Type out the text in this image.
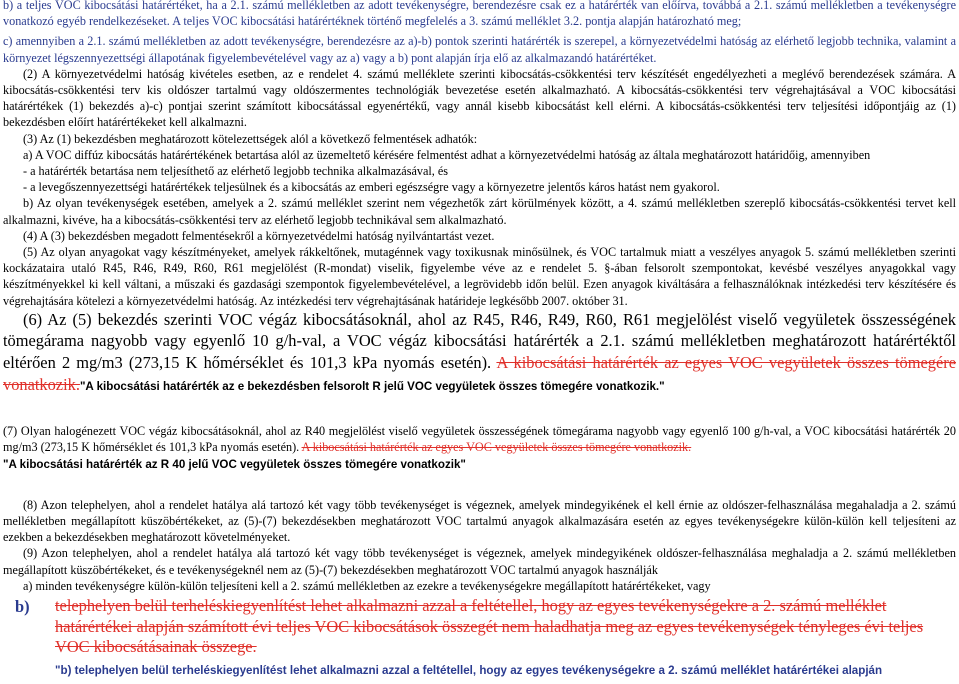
b) a teljes VOC kibocsátási határértéket, ha a 2.1. számú mellékletben az adott tevékenységre, berendezésre csak ez a határérték van előírva, továbbá a 2.1. számú mellékletben a tevékenységre vonatkozó egyéb rendelkezéseket. A teljes VOC kibocsátási határértéknek történő megfelelés a 3. számú melléklet 3.2. pontja alapján határozható meg;

c) amennyiben a 2.1. számú mellékletben az adott tevékenységre, berendezésre az a)-b) pontok szerinti határérték is szerepel, a környezetvédelmi hatóság az elérhető legjobb technika, valamint a környezet légszennyezettségi állapotának figyelembevételével vagy az a) vagy a b) pont alapján írja elő az alkalmazandó határértéket.

(2) A környezetvédelmi hatóság kivételes esetben, az e rendelet 4. számú melléklete szerinti kibocsátás-csökkentési terv készítését engedélyezheti a meglévő berendezések számára. A kibocsátás-csökkentési terv kis oldószer tartalmú vagy oldószermentes technológiák bevezetése esetén alkalmazható. A kibocsátás-csökkentési terv végrehajtásával a VOC kibocsátási határértékek (1) bekezdés a)-c) pontjai szerint számított kibocsátással egyenértékű, vagy annál kisebb kibocsátást kell elérni. A kibocsátás-csökkentési terv teljesítési időpontjáig az (1) bekezdésben előírt határértékeket kell alkalmazni.

(3) Az (1) bekezdésben meghatározott kötelezettségek alól a következő felmentések adhatók:

a) A VOC diffúz kibocsátás határértékének betartása alól az üzemeltető kérésére felmentést adhat a környezetvédelmi hatóság az általa meghatározott határidőig, amennyiben

- a határérték betartása nem teljesíthető az elérhető legjobb technika alkalmazásával, és

- a levegőszennyezettségi határértékek teljesülnek és a kibocsátás az emberi egészségre vagy a környezetre jelentős káros hatást nem gyakorol.

b) Az olyan tevékenységek esetében, amelyek a 2. számú melléklet szerint nem végezhetők zárt körülmények között, a 4. számú mellékletben szereplő kibocsátás-csökkentési tervet kell alkalmazni, kivéve, ha a kibocsátás-csökkentési terv az elérhető legjobb technikával sem alkalmazható.

(4) A (3) bekezdésben megadott felmentésekről a környezetvédelmi hatóság nyilvántartást vezet.

(5) Az olyan anyagokat vagy készítményeket, amelyek rákkeltőnek, mutagénnek vagy toxikusnak minősülnek, és VOC tartalmuk miatt a veszélyes anyagok 5. számú mellékletben szerinti kockázataira utaló R45, R46, R49, R60, R61 megjelölést (R-mondat) viselik, figyelembe véve az e rendelet 5. §-ában felsorolt szempontokat, kevésbé veszélyes anyagokkal vagy készítményekkel ki kell váltani, a műszaki és gazdasági szempontok figyelembevételével, a legrövidebb időn belül. Ezen anyagok kiváltására a felhasználóknak intézkedési terv készítésére és végrehajtására kötelezi a környezetvédelmi hatóság. Az intézkedési terv végrehajtásának határideje legkésőbb 2007. október 31.

(6) Az (5) bekezdés szerinti VOC végáz kibocsátásoknál, ahol az R45, R46, R49, R60, R61 megjelölést viselő vegyületek összességének tömegárama nagyobb vagy egyenlő 10 g/h-val, a VOC végáz kibocsátási határérték a 2.1. számú mellékletben meghatározott határértéktől eltérően 2 mg/m3 (273,15 K hőmérséklet és 101,3 kPa nyomás esetén). A kibocsátási határérték az egyes VOC vegyületek összes tömegére vonatkozik."A kibocsátási határérték az e bekezdésben felsorolt R jelű VOC vegyületek összes tömegére vonatkozik."

(7) Olyan halogénezett VOC végáz kibocsátásoknál, ahol az R40 megjelölést viselő vegyületek összességének tömegárama nagyobb vagy egyenlő 100 g/h-val, a VOC kibocsátási határérték 20 mg/m3 (273,15 K hőmérséklet és 101,3 kPa nyomás esetén). A kibocsátási határérték az egyes VOC vegyületek összes tömegére vonatkozik.
"A kibocsátási határérték az R 40 jelű VOC vegyületek összes tömegére vonatkozik"

(8) Azon telephelyen, ahol a rendelet hatálya alá tartozó két vagy több tevékenységet is végeznek, amelyek mindegyikének el kell érnie az oldószer-felhasználása megahaladja a 2. számú mellékletben megállapított küszöbértékeket, az (5)-(7) bekezdésekben meghatározott VOC tartalmú anyagok alkalmazására esetén az egyes tevékenységekre külön-külön kell teljesíteni az ezekben a bekezdésekben meghatározott követelményeket.

(9) Azon telephelyen, ahol a rendelet hatálya alá tartozó két vagy több tevékenységet is végeznek, amelyek mindegyikének oldószer-felhasználása meghaladja a 2. számú mellékletben megállapított küszöbértékeket, és e tevékenységeknél nem az (5)-(7) bekezdésekben meghatározott VOC tartalmú anyagok használják

a) minden tevékenységre külön-külön teljesíteni kell a 2. számú mellékletben az ezekre a tevékenységekre megállapított határértékeket, vagy

b)	telephelyen belül terheléskiegyenlítést lehet alkalmazni azzal a feltétellel, hogy az egyes tevékenységekre a 2. számú melléklet határértékei alapján számított évi teljes VOC kibocsátások összegét nem haladhatja meg az egyes tevékenységek tényleges évi teljes VOC kibocsátásainak összege.

"b) telephelyen belül terheléskiegyenlítést lehet alkalmazni azzal a feltétellel, hogy az egyes tevékenységekre a 2. számú melléklet határértékei alapján
